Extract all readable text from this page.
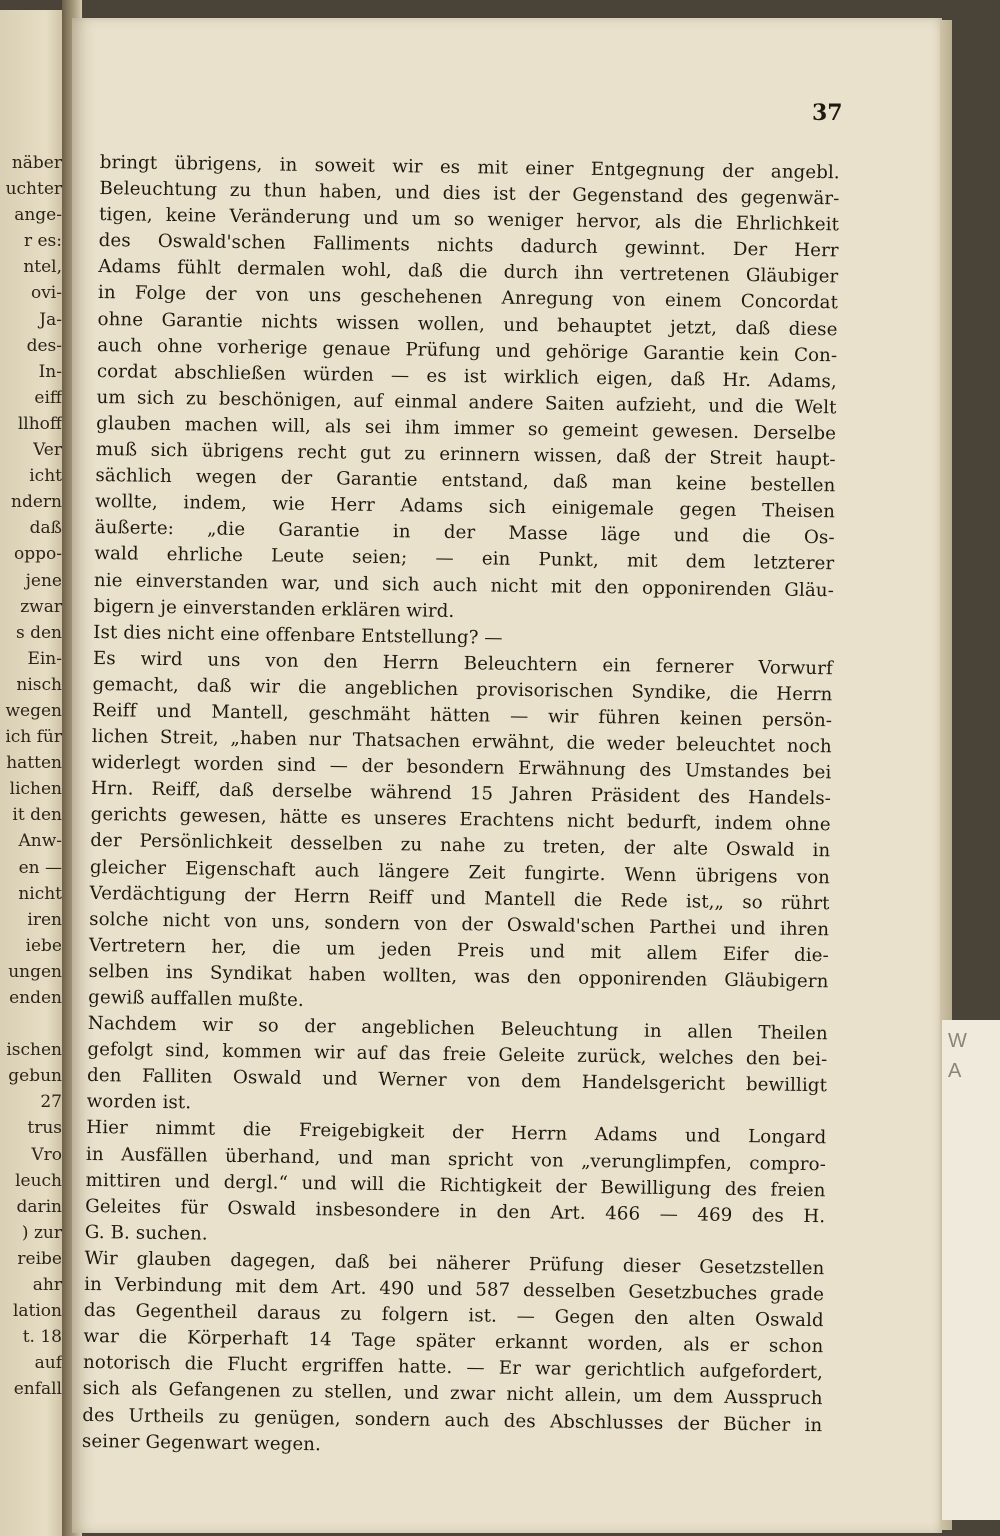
näber
uchter
ange-
r es:
ntel,
ovi-
Ja-
des-
In-
eiff
llhoff
Ver
icht
ndern
daß
oppo-
jene
zwar
s den
Ein-
nisch
wegen
ich für
hatten
lichen
it den
Anw-
en —
nicht
iren
iebe
ungen
enden
ischen
gebun
27
trus
Vro
leuch
darin
) zur
reibe
ahr
lation
t. 18
auf
enfall
W
A
37
bringt übrigens, in soweit wir es mit einer Entgegnung der angebl.
Beleuchtung zu thun haben, und dies ist der Gegenstand des gegenwär-
tigen, keine Veränderung und um so weniger hervor, als die Ehrlichkeit
des Oswald'schen Falliments nichts dadurch gewinnt. Der Herr
Adams fühlt dermalen wohl, daß die durch ihn vertretenen Gläubiger
in Folge der von uns geschehenen Anregung von einem Concordat
ohne Garantie nichts wissen wollen, und behauptet jetzt, daß diese
auch ohne vorherige genaue Prüfung und gehörige Garantie kein Con-
cordat abschließen würden — es ist wirklich eigen, daß Hr. Adams,
um sich zu beschönigen, auf einmal andere Saiten aufzieht, und die Welt
glauben machen will, als sei ihm immer so gemeint gewesen. Derselbe
muß sich übrigens recht gut zu erinnern wissen, daß der Streit haupt-
sächlich wegen der Garantie entstand, daß man keine bestellen
wollte, indem, wie Herr Adams sich einigemale gegen Theisen
äußerte: „die Garantie in der Masse läge und die Os-
wald ehrliche Leute seien; — ein Punkt, mit dem letzterer
nie einverstanden war, und sich auch nicht mit den opponirenden Gläu-
bigern je einverstanden erklären wird.
Ist dies nicht eine offenbare Entstellung? —
Es wird uns von den Herrn Beleuchtern ein fernerer Vorwurf
gemacht, daß wir die angeblichen provisorischen Syndike, die Herrn
Reiff und Mantell, geschmäht hätten — wir führen keinen persön-
lichen Streit, „haben nur Thatsachen erwähnt, die weder beleuchtet noch
widerlegt worden sind — der besondern Erwähnung des Umstandes bei
Hrn. Reiff, daß derselbe während 15 Jahren Präsident des Handels-
gerichts gewesen, hätte es unseres Erachtens nicht bedurft, indem ohne
der Persönlichkeit desselben zu nahe zu treten, der alte Oswald in
gleicher Eigenschaft auch längere Zeit fungirte. Wenn übrigens von
Verdächtigung der Herrn Reiff und Mantell die Rede ist,„ so rührt
solche nicht von uns, sondern von der Oswald'schen Parthei und ihren
Vertretern her, die um jeden Preis und mit allem Eifer die-
selben ins Syndikat haben wollten, was den opponirenden Gläubigern
gewiß auffallen mußte.
Nachdem wir so der angeblichen Beleuchtung in allen Theilen
gefolgt sind, kommen wir auf das freie Geleite zurück, welches den bei-
den Falliten Oswald und Werner von dem Handelsgericht bewilligt
worden ist.
Hier nimmt die Freigebigkeit der Herrn Adams und Longard
in Ausfällen überhand, und man spricht von „verunglimpfen, compro-
mittiren und dergl.“ und will die Richtigkeit der Bewilligung des freien
Geleites für Oswald insbesondere in den Art. 466 — 469 des H.
G. B. suchen.
Wir glauben dagegen, daß bei näherer Prüfung dieser Gesetzstellen
in Verbindung mit dem Art. 490 und 587 desselben Gesetzbuches grade
das Gegentheil daraus zu folgern ist. — Gegen den alten Oswald
war die Körperhaft 14 Tage später erkannt worden, als er schon
notorisch die Flucht ergriffen hatte. — Er war gerichtlich aufgefordert,
sich als Gefangenen zu stellen, und zwar nicht allein, um dem Ausspruch
des Urtheils zu genügen, sondern auch des Abschlusses der Bücher in
seiner Gegenwart wegen.
